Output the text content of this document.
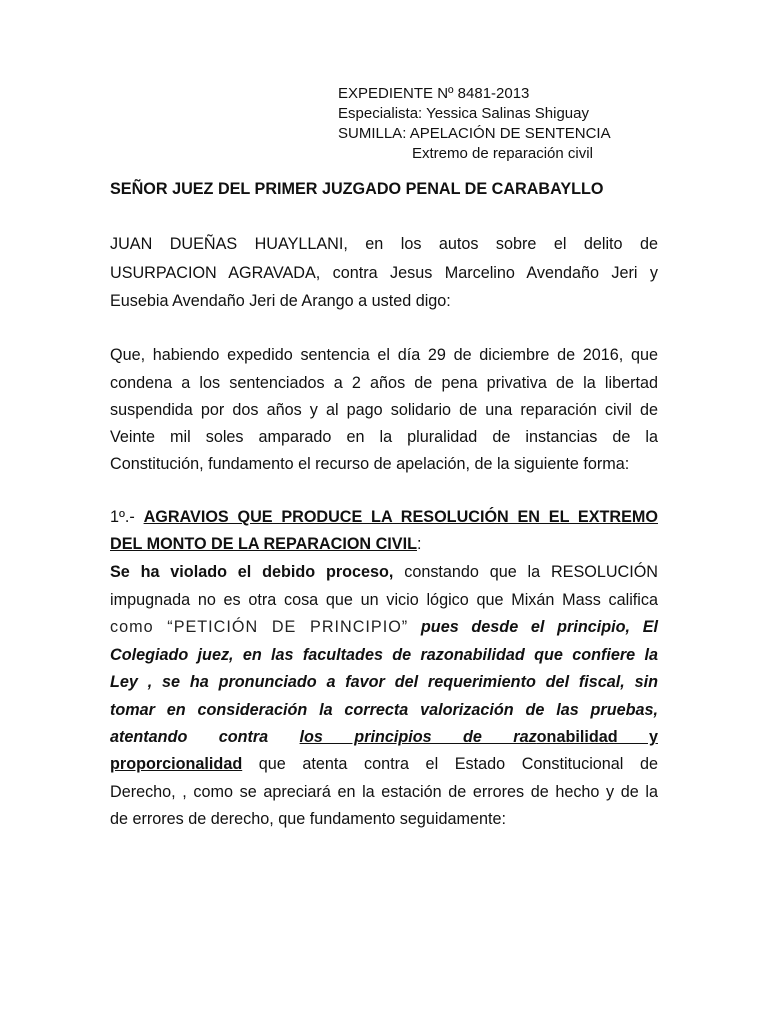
EXPEDIENTE Nº 8481-2013
Especialista: Yessica Salinas Shiguay
SUMILLA: APELACIÓN DE SENTENCIA
Extremo de reparación civil
SEÑOR JUEZ DEL PRIMER JUZGADO PENAL DE CARABAYLLO
JUAN DUEÑAS HUAYLLANI, en los autos sobre el delito de
USURPACION AGRAVADA, contra Jesus Marcelino Avendaño Jeri y
Eusebia Avendaño Jeri de Arango a usted digo:
Que, habiendo expedido sentencia el día 29 de diciembre de 2016, que
condena a los sentenciados a 2 años de pena privativa de la libertad
suspendida por dos años y al pago solidario de una reparación civil de
Veinte mil soles amparado en la pluralidad de instancias de la
Constitución, fundamento el recurso de apelación, de la siguiente forma:
1º.- AGRAVIOS QUE PRODUCE LA RESOLUCIÓN EN EL EXTREMO
DEL MONTO DE LA REPARACION CIVIL:
Se ha violado el debido proceso, constando que la RESOLUCIÓN
impugnada no es otra cosa que un vicio lógico que Mixán Mass califica
como “PETICIÓN DE PRINCIPIO” pues desde el principio, El
Colegiado juez, en las facultades de razonabilidad que confiere la
Ley , se ha pronunciado a favor del requerimiento del fiscal, sin
tomar en consideración la correcta valorización de las pruebas,
atentando contra los principios de razonabilidad y
proporcionalidad que atenta contra el Estado Constitucional de
Derecho, , como se apreciará en la estación de errores de hecho y de la
de errores de derecho, que fundamento seguidamente:
